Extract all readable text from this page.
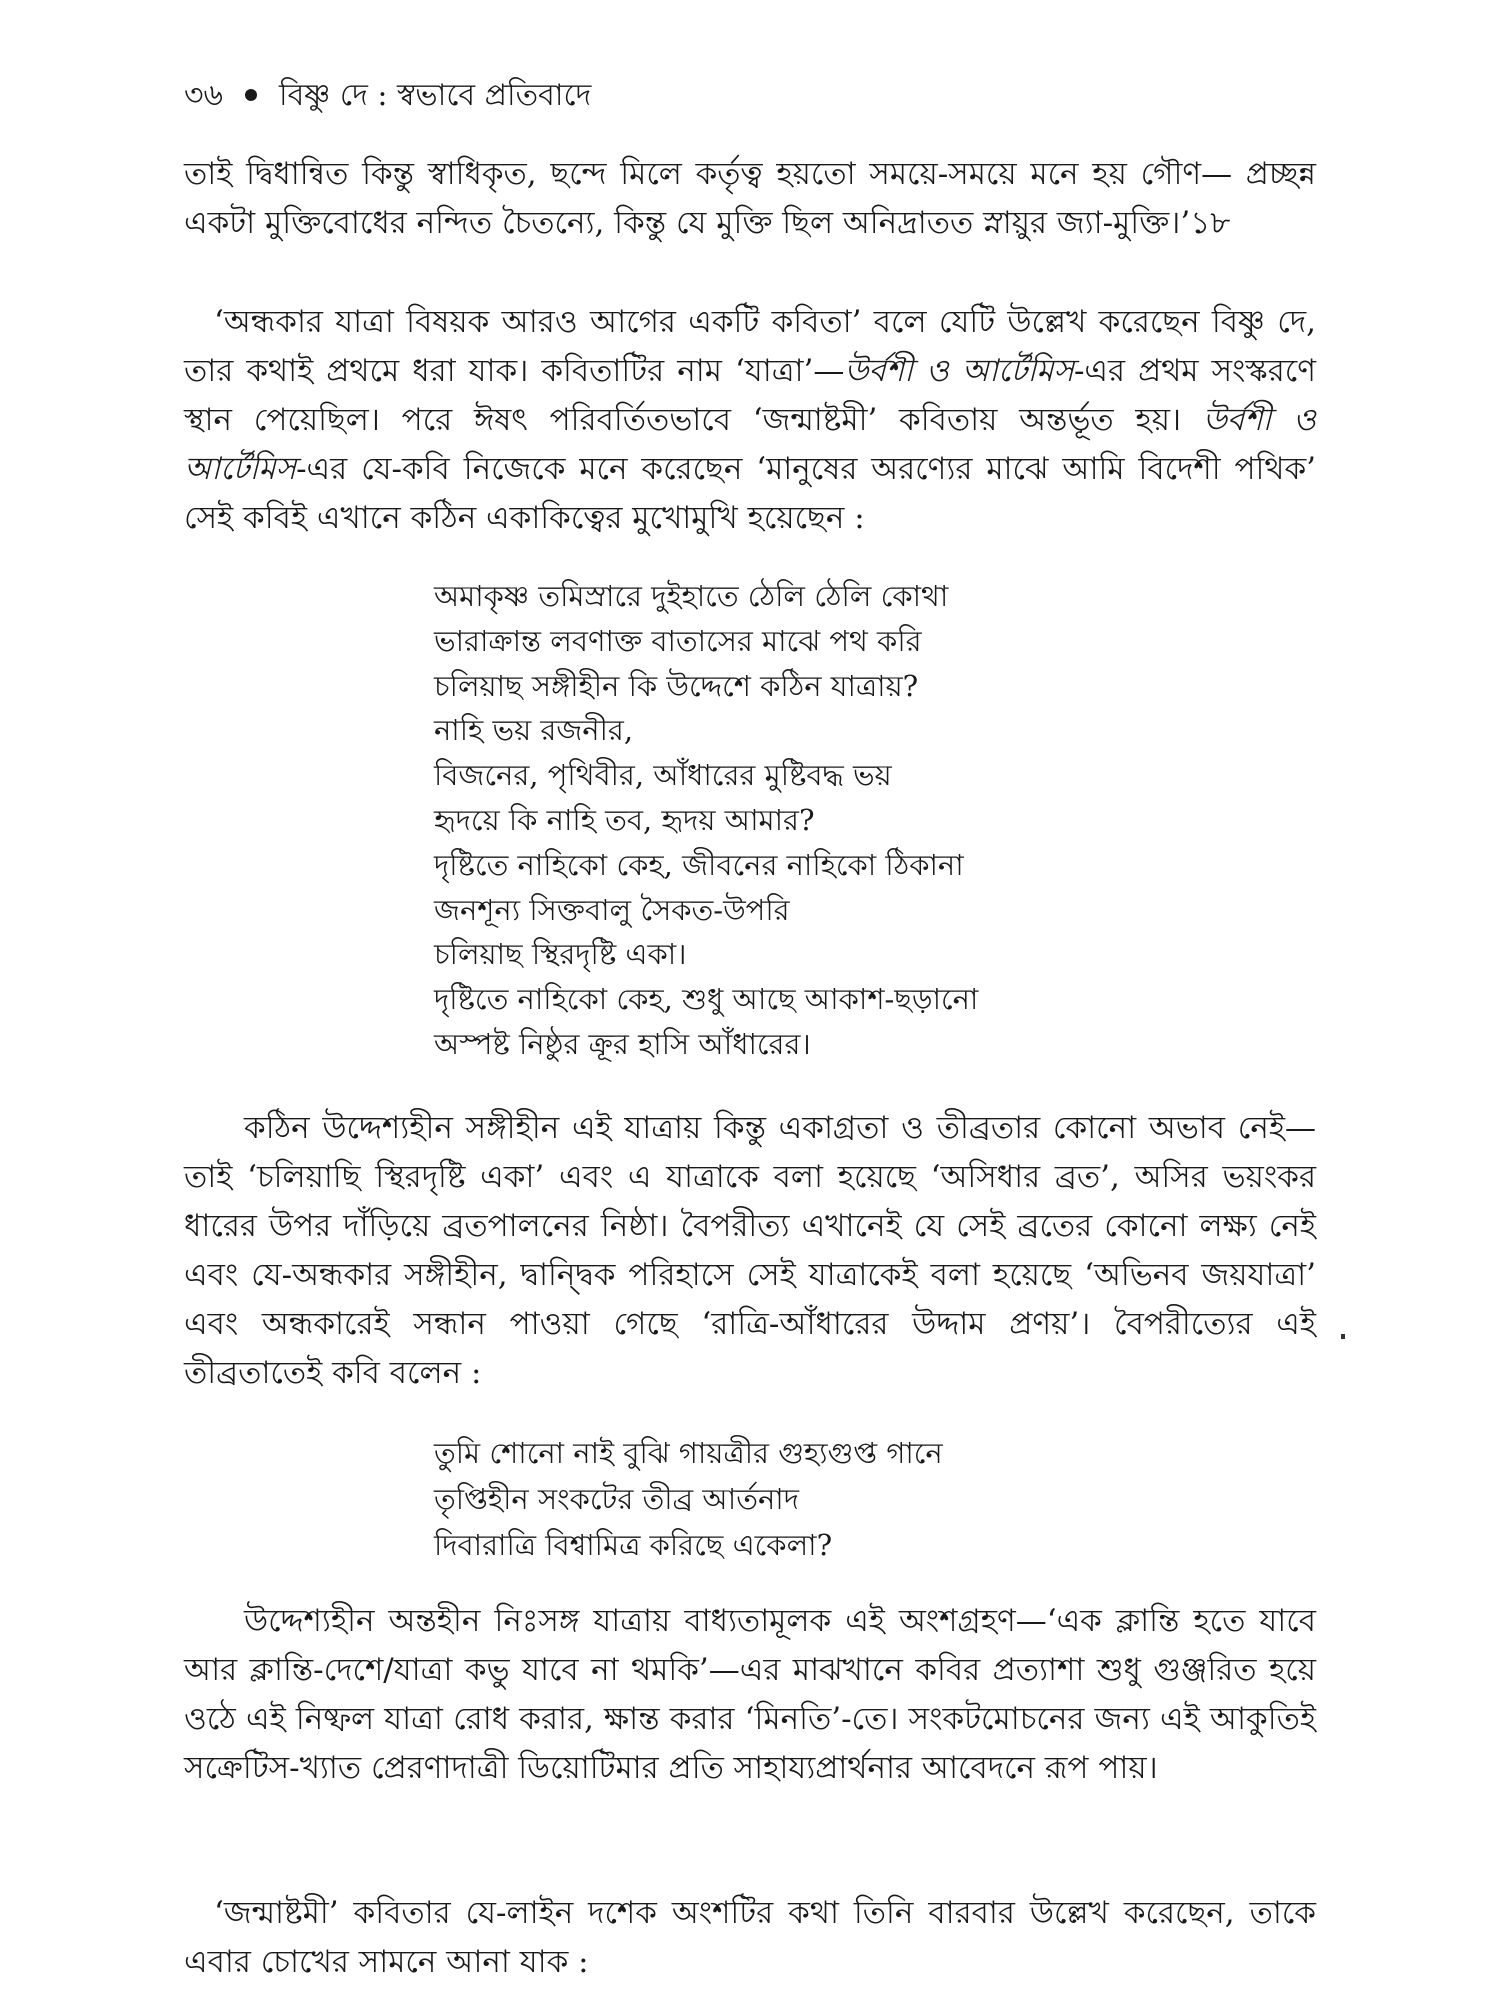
৩৬ বিষ্ণু দে : স্বভাবে প্রতিবাদে
তাই দ্বিধান্বিত কিন্তু স্বাধিকৃত, ছন্দে মিলে কর্তৃত্ব হয়তো সময়ে-সময়ে মনে হয় গৌণ— প্রচ্ছন্ন একটা মুক্তিবোধের নন্দিত চৈতন্যে, কিন্তু যে মুক্তি ছিল অনিদ্রাতত স্নায়ুর জ্যা-মুক্তি।’১৮
‘অন্ধকার যাত্রা বিষয়ক আরও আগের একটি কবিতা’ বলে যেটি উল্লেখ করেছেন বিষ্ণু দে, তার কথাই প্রথমে ধরা যাক। কবিতাটির নাম ‘যাত্রা’—উর্বশী ও আর্টেমিস-এর প্রথম সংস্করণে স্থান পেয়েছিল। পরে ঈষৎ পরিবর্তিতভাবে ‘জন্মাষ্টমী’ কবিতায় অন্তর্ভূত হয়। উর্বশী ও আর্টেমিস-এর যে-কবি নিজেকে মনে করেছেন ‘মানুষের অরণ্যের মাঝে আমি বিদেশী পথিক’ সেই কবিই এখানে কঠিন একাকিত্বের মুখোমুখি হয়েছেন :
অমাকৃষ্ণ তমিস্রারে দুইহাতে ঠেলি ঠেলি কোথা
ভারাক্রান্ত লবণাক্ত বাতাসের মাঝে পথ করি
চলিয়াছ সঙ্গীহীন কি উদ্দেশে কঠিন যাত্রায়?
নাহি ভয় রজনীর,
বিজনের, পৃথিবীর, আঁধারের মুষ্টিবদ্ধ ভয়
হৃদয়ে কি নাহি তব, হৃদয় আমার?
দৃষ্টিতে নাহিকো কেহ, জীবনের নাহিকো ঠিকানা
জনশূন্য সিক্তবালু সৈকত-উপরি
চলিয়াছ স্থিরদৃষ্টি একা।
দৃষ্টিতে নাহিকো কেহ, শুধু আছে আকাশ-ছড়ানো
অস্পষ্ট নিষ্ঠুর ক্রূর হাসি আঁধারের।
কঠিন উদ্দেশ্যহীন সঙ্গীহীন এই যাত্রায় কিন্তু একাগ্রতা ও তীব্রতার কোনো অভাব নেই—তাই ‘চলিয়াছি স্থিরদৃষ্টি একা’ এবং এ যাত্রাকে বলা হয়েছে ‘অসিধার ব্রত’, অসির ভয়ংকর ধারের উপর দাঁড়িয়ে ব্রতপালনের নিষ্ঠা। বৈপরীত্য এখানেই যে সেই ব্রতের কোনো লক্ষ্য নেই এবং যে-অন্ধকার সঙ্গীহীন, দ্বান্দ্বিক পরিহাসে সেই যাত্রাকেই বলা হয়েছে ‘অভিনব জয়যাত্রা’ এবং অন্ধকারেই সন্ধান পাওয়া গেছে ‘রাত্রি-আঁধারের উদ্দাম প্রণয়’। বৈপরীত্যের এই তীব্রতাতেই কবি বলেন :
তুমি শোনো নাই বুঝি গায়ত্রীর গুহ্যগুপ্ত গানে
তৃপ্তিহীন সংকটের তীব্র আর্তনাদ
দিবারাত্রি বিশ্বামিত্র করিছে একেলা?
উদ্দেশ্যহীন অন্তহীন নিঃসঙ্গ যাত্রায় বাধ্যতামূলক এই অংশগ্রহণ—‘এক ক্লান্তি হতে যাবে আর ক্লান্তি-দেশে/যাত্রা কভু যাবে না থমকি’—এর মাঝখানে কবির প্রত্যাশা শুধু গুঞ্জরিত হয়ে ওঠে এই নিষ্ফল যাত্রা রোধ করার, ক্ষান্ত করার ‘মিনতি’-তে। সংকটমোচনের জন্য এই আকুতিই সক্রেটিস-খ্যাত প্রেরণাদাত্রী ডিয়োটিমার প্রতি সাহায্যপ্রার্থনার আবেদনে রূপ পায়।
‘জন্মাষ্টমী’ কবিতার যে-লাইন দশেক অংশটির কথা তিনি বারবার উল্লেখ করেছেন, তাকে এবার চোখের সামনে আনা যাক :
